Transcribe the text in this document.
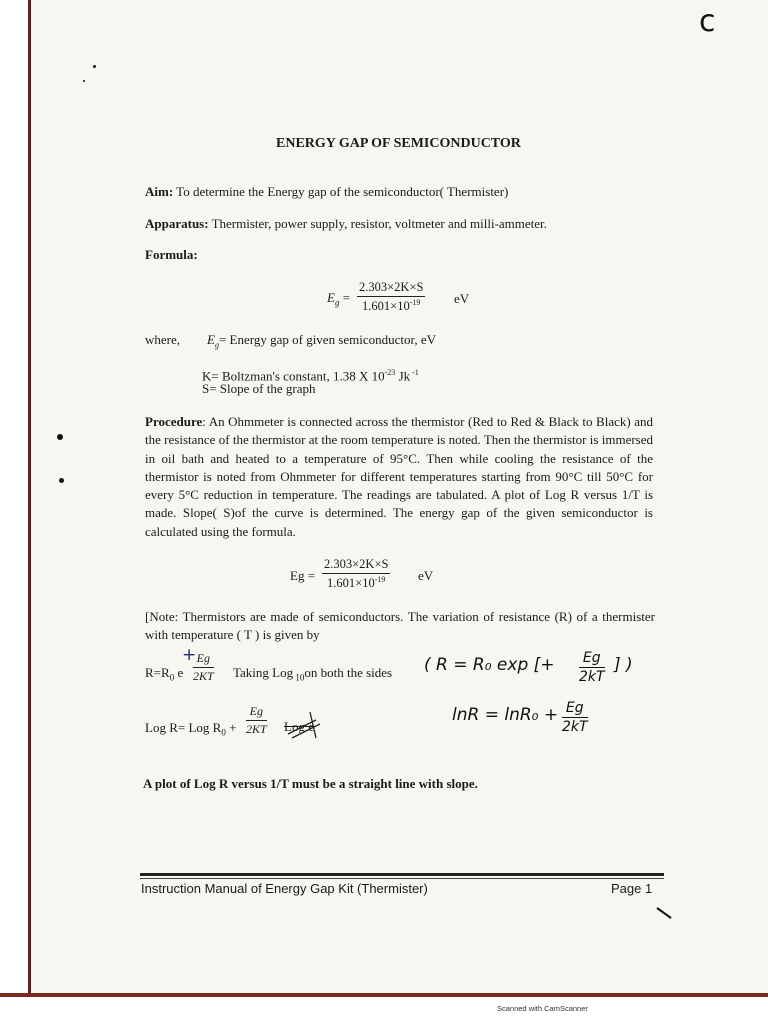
c
ENERGY GAP OF SEMICONDUCTOR
Aim: To determine the Energy gap of the semiconductor( Thermister)
Apparatus: Thermister, power supply, resistor, voltmeter and milli-ammeter.
Formula:
$E_g = \frac{2.303\times 2K\times S}{1.601\times 10^{-19}}$ eV
where, $E_g=$ Energy gap of given semiconductor, eV
K= Boltzman's constant, 1.38 X $10^{-23}$ Jk $^{-1}$
S= Slope of the graph
Procedure: An Ohmmeter is connected across the thermistor (Red to Red & Black to Black) and the resistance of the thermistor at the room temperature is noted. Then the thermistor is immersed in oil bath and heated to a temperature of 95°C. Then while cooling the resistance of the thermistor is noted from Ohmmeter for different temperatures starting from 90°C till 50°C for every 5°C reduction in temperature. The readings are tabulated. A plot of Log R versus 1/T is made. Slope( S)of the curve is determined. The energy gap of the given semiconductor is calculated using the formula.
$Eg = \frac{2.303\times 2K\times S}{1.601\times 10^{-19}}$ eV
[Note: Thermistors are made of semiconductors. The variation of resistance (R) of a thermister with temperature ( T ) is given by
+
$R=R_0$ e $\frac{Eg}{2KT}$ Taking Log $_{10}$on both the sides ( R = R₀ exp [+ $\frac{Eg}{2kT}$ ] )
Log R= Log $R_0 + \frac{Eg}{2KT}$ Log e
$\ln R = \ln R_0 + \frac{Eg}{2kT}$
A plot of Log R versus 1/T must be a straight line with slope.
Instruction Manual of Energy Gap Kit (Thermister)	Page 1
Scanned with CamScanner
